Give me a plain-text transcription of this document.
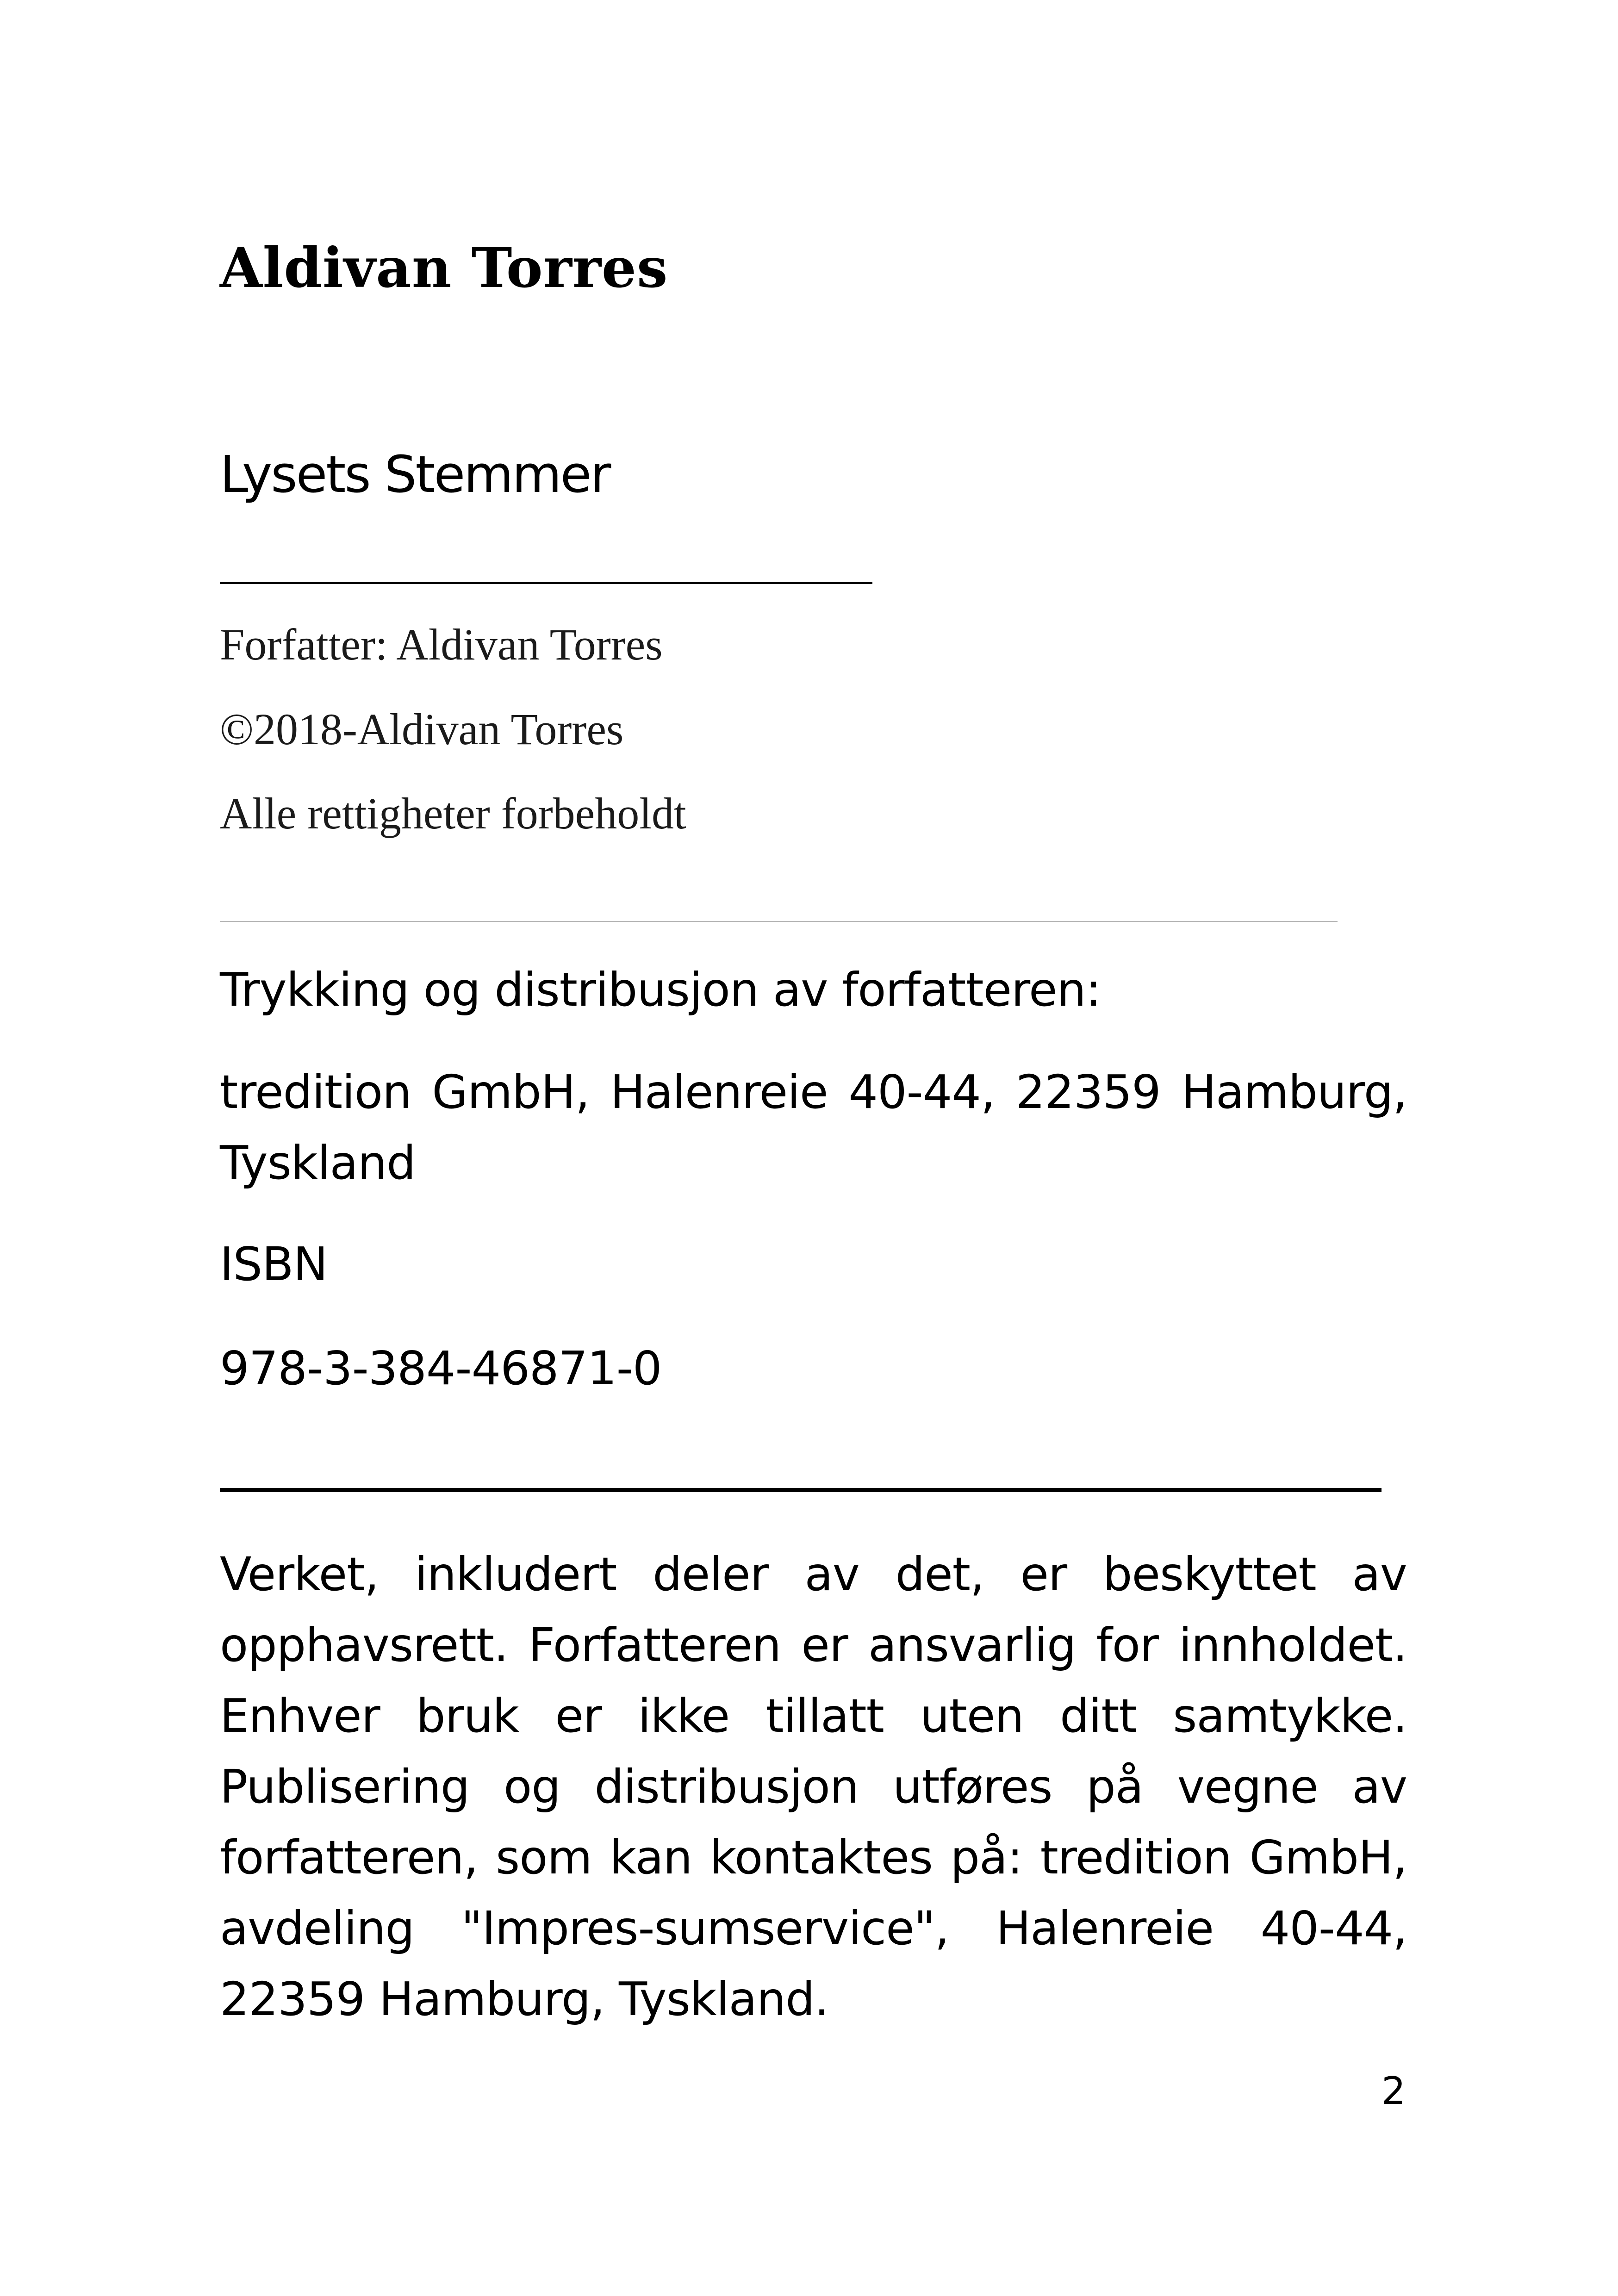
Aldivan Torres
Lysets Stemmer
Forfatter: Aldivan Torres
©2018-Aldivan Torres
Alle rettigheter forbeholdt
Trykking og distribusjon av forfatteren:
tredition GmbH, Halenreie 40-44, 22359 Hamburg, Tyskland
ISBN
978-3-384-46871-0
Verket, inkludert deler av det, er beskyttet av opphavsrett. Forfatteren er ansvarlig for innholdet. Enhver bruk er ikke tillatt uten ditt samtykke. Publisering og distribusjon utføres på vegne av forfatteren, som kan kontaktes på: tredition GmbH, avdeling "Impres-sumservice", Halenreie 40-44, 22359 Hamburg, Tyskland.
2
